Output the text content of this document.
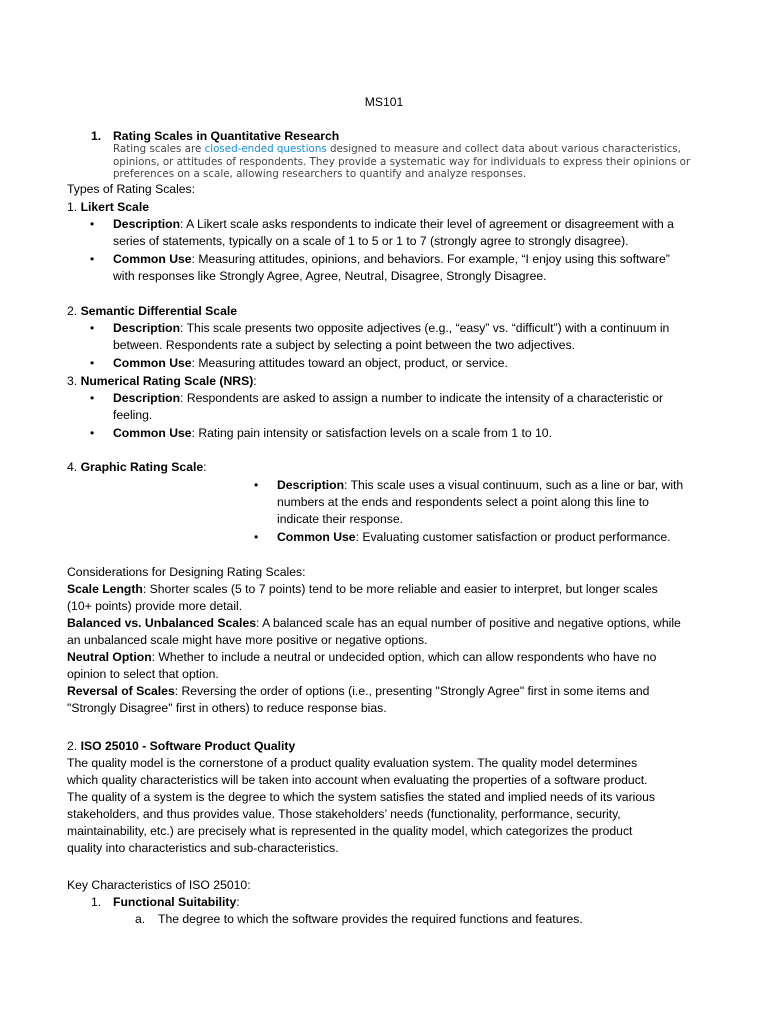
MS101
1. Rating Scales in Quantitative Research
Rating scales are closed-ended questions designed to measure and collect data about various characteristics,
opinions, or attitudes of respondents. They provide a systematic way for individuals to express their opinions or
preferences on a scale, allowing researchers to quantify and analyze responses.
Types of Rating Scales:
1. Likert Scale
• Description: A Likert scale asks respondents to indicate their level of agreement or disagreement with a
series of statements, typically on a scale of 1 to 5 or 1 to 7 (strongly agree to strongly disagree).
• Common Use: Measuring attitudes, opinions, and behaviors. For example, “I enjoy using this software”
with responses like Strongly Agree, Agree, Neutral, Disagree, Strongly Disagree.
2. Semantic Differential Scale
• Description: This scale presents two opposite adjectives (e.g., “easy” vs. “difficult”) with a continuum in
between. Respondents rate a subject by selecting a point between the two adjectives.
• Common Use: Measuring attitudes toward an object, product, or service.
3. Numerical Rating Scale (NRS):
• Description: Respondents are asked to assign a number to indicate the intensity of a characteristic or
feeling.
• Common Use: Rating pain intensity or satisfaction levels on a scale from 1 to 10.
4. Graphic Rating Scale:
• Description: This scale uses a visual continuum, such as a line or bar, with
numbers at the ends and respondents select a point along this line to
indicate their response.
• Common Use: Evaluating customer satisfaction or product performance.
Considerations for Designing Rating Scales:
Scale Length: Shorter scales (5 to 7 points) tend to be more reliable and easier to interpret, but longer scales
(10+ points) provide more detail.
Balanced vs. Unbalanced Scales: A balanced scale has an equal number of positive and negative options, while
an unbalanced scale might have more positive or negative options.
Neutral Option: Whether to include a neutral or undecided option, which can allow respondents who have no
opinion to select that option.
Reversal of Scales: Reversing the order of options (i.e., presenting "Strongly Agree" first in some items and
"Strongly Disagree" first in others) to reduce response bias.
2. ISO 25010 - Software Product Quality
The quality model is the cornerstone of a product quality evaluation system. The quality model determines
which quality characteristics will be taken into account when evaluating the properties of a software product.
The quality of a system is the degree to which the system satisfies the stated and implied needs of its various
stakeholders, and thus provides value. Those stakeholders’ needs (functionality, performance, security,
maintainability, etc.) are precisely what is represented in the quality model, which categorizes the product
quality into characteristics and sub-characteristics.
Key Characteristics of ISO 25010:
1. Functional Suitability:
a. The degree to which the software provides the required functions and features.
